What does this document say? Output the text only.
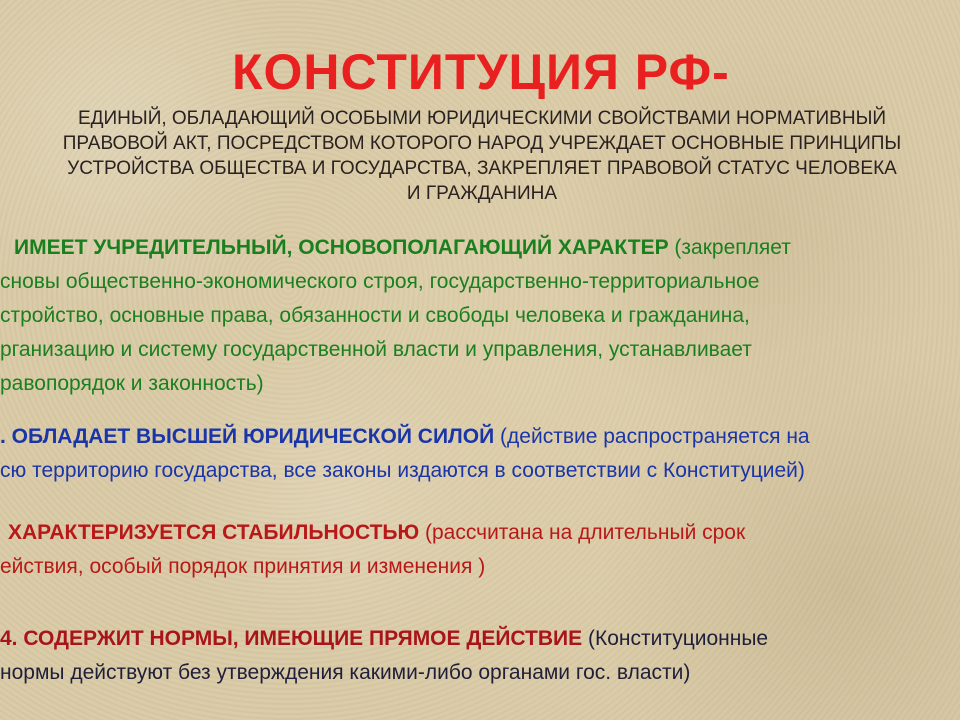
КОНСТИТУЦИЯ РФ-
ЕДИНЫЙ, ОБЛАДАЮЩИЙ ОСОБЫМИ ЮРИДИЧЕСКИМИ СВОЙСТВАМИ НОРМАТИВНЫЙ
ПРАВОВОЙ АКТ, ПОСРЕДСТВОМ КОТОРОГО НАРОД УЧРЕЖДАЕТ ОСНОВНЫЕ ПРИНЦИПЫ
УСТРОЙСТВА ОБЩЕСТВА И ГОСУДАРСТВА, ЗАКРЕПЛЯЕТ ПРАВОВОЙ СТАТУС ЧЕЛОВЕКА
И ГРАЖДАНИНА
ИМЕЕТ УЧРЕДИТЕЛЬНЫЙ, ОСНОВОПОЛАГАЮЩИЙ ХАРАКТЕР (закрепляет
сновы общественно-экономического строя, государственно-территориальное
стройство, основные права, обязанности и свободы человека и гражданина,
рганизацию и систему государственной власти и управления, устанавливает
равопорядок и законность)
. ОБЛАДАЕТ ВЫСШЕЙ ЮРИДИЧЕСКОЙ СИЛОЙ (действие распространяется на
сю территорию государства, все законы издаются в соответствии с Конституцией)
ХАРАКТЕРИЗУЕТСЯ СТАБИЛЬНОСТЬЮ (рассчитана на длительный срок
ействия, особый порядок принятия и изменения )
4. СОДЕРЖИТ НОРМЫ, ИМЕЮЩИЕ ПРЯМОЕ ДЕЙСТВИЕ (Конституционные
нормы действуют без утверждения какими-либо органами гос. власти)
